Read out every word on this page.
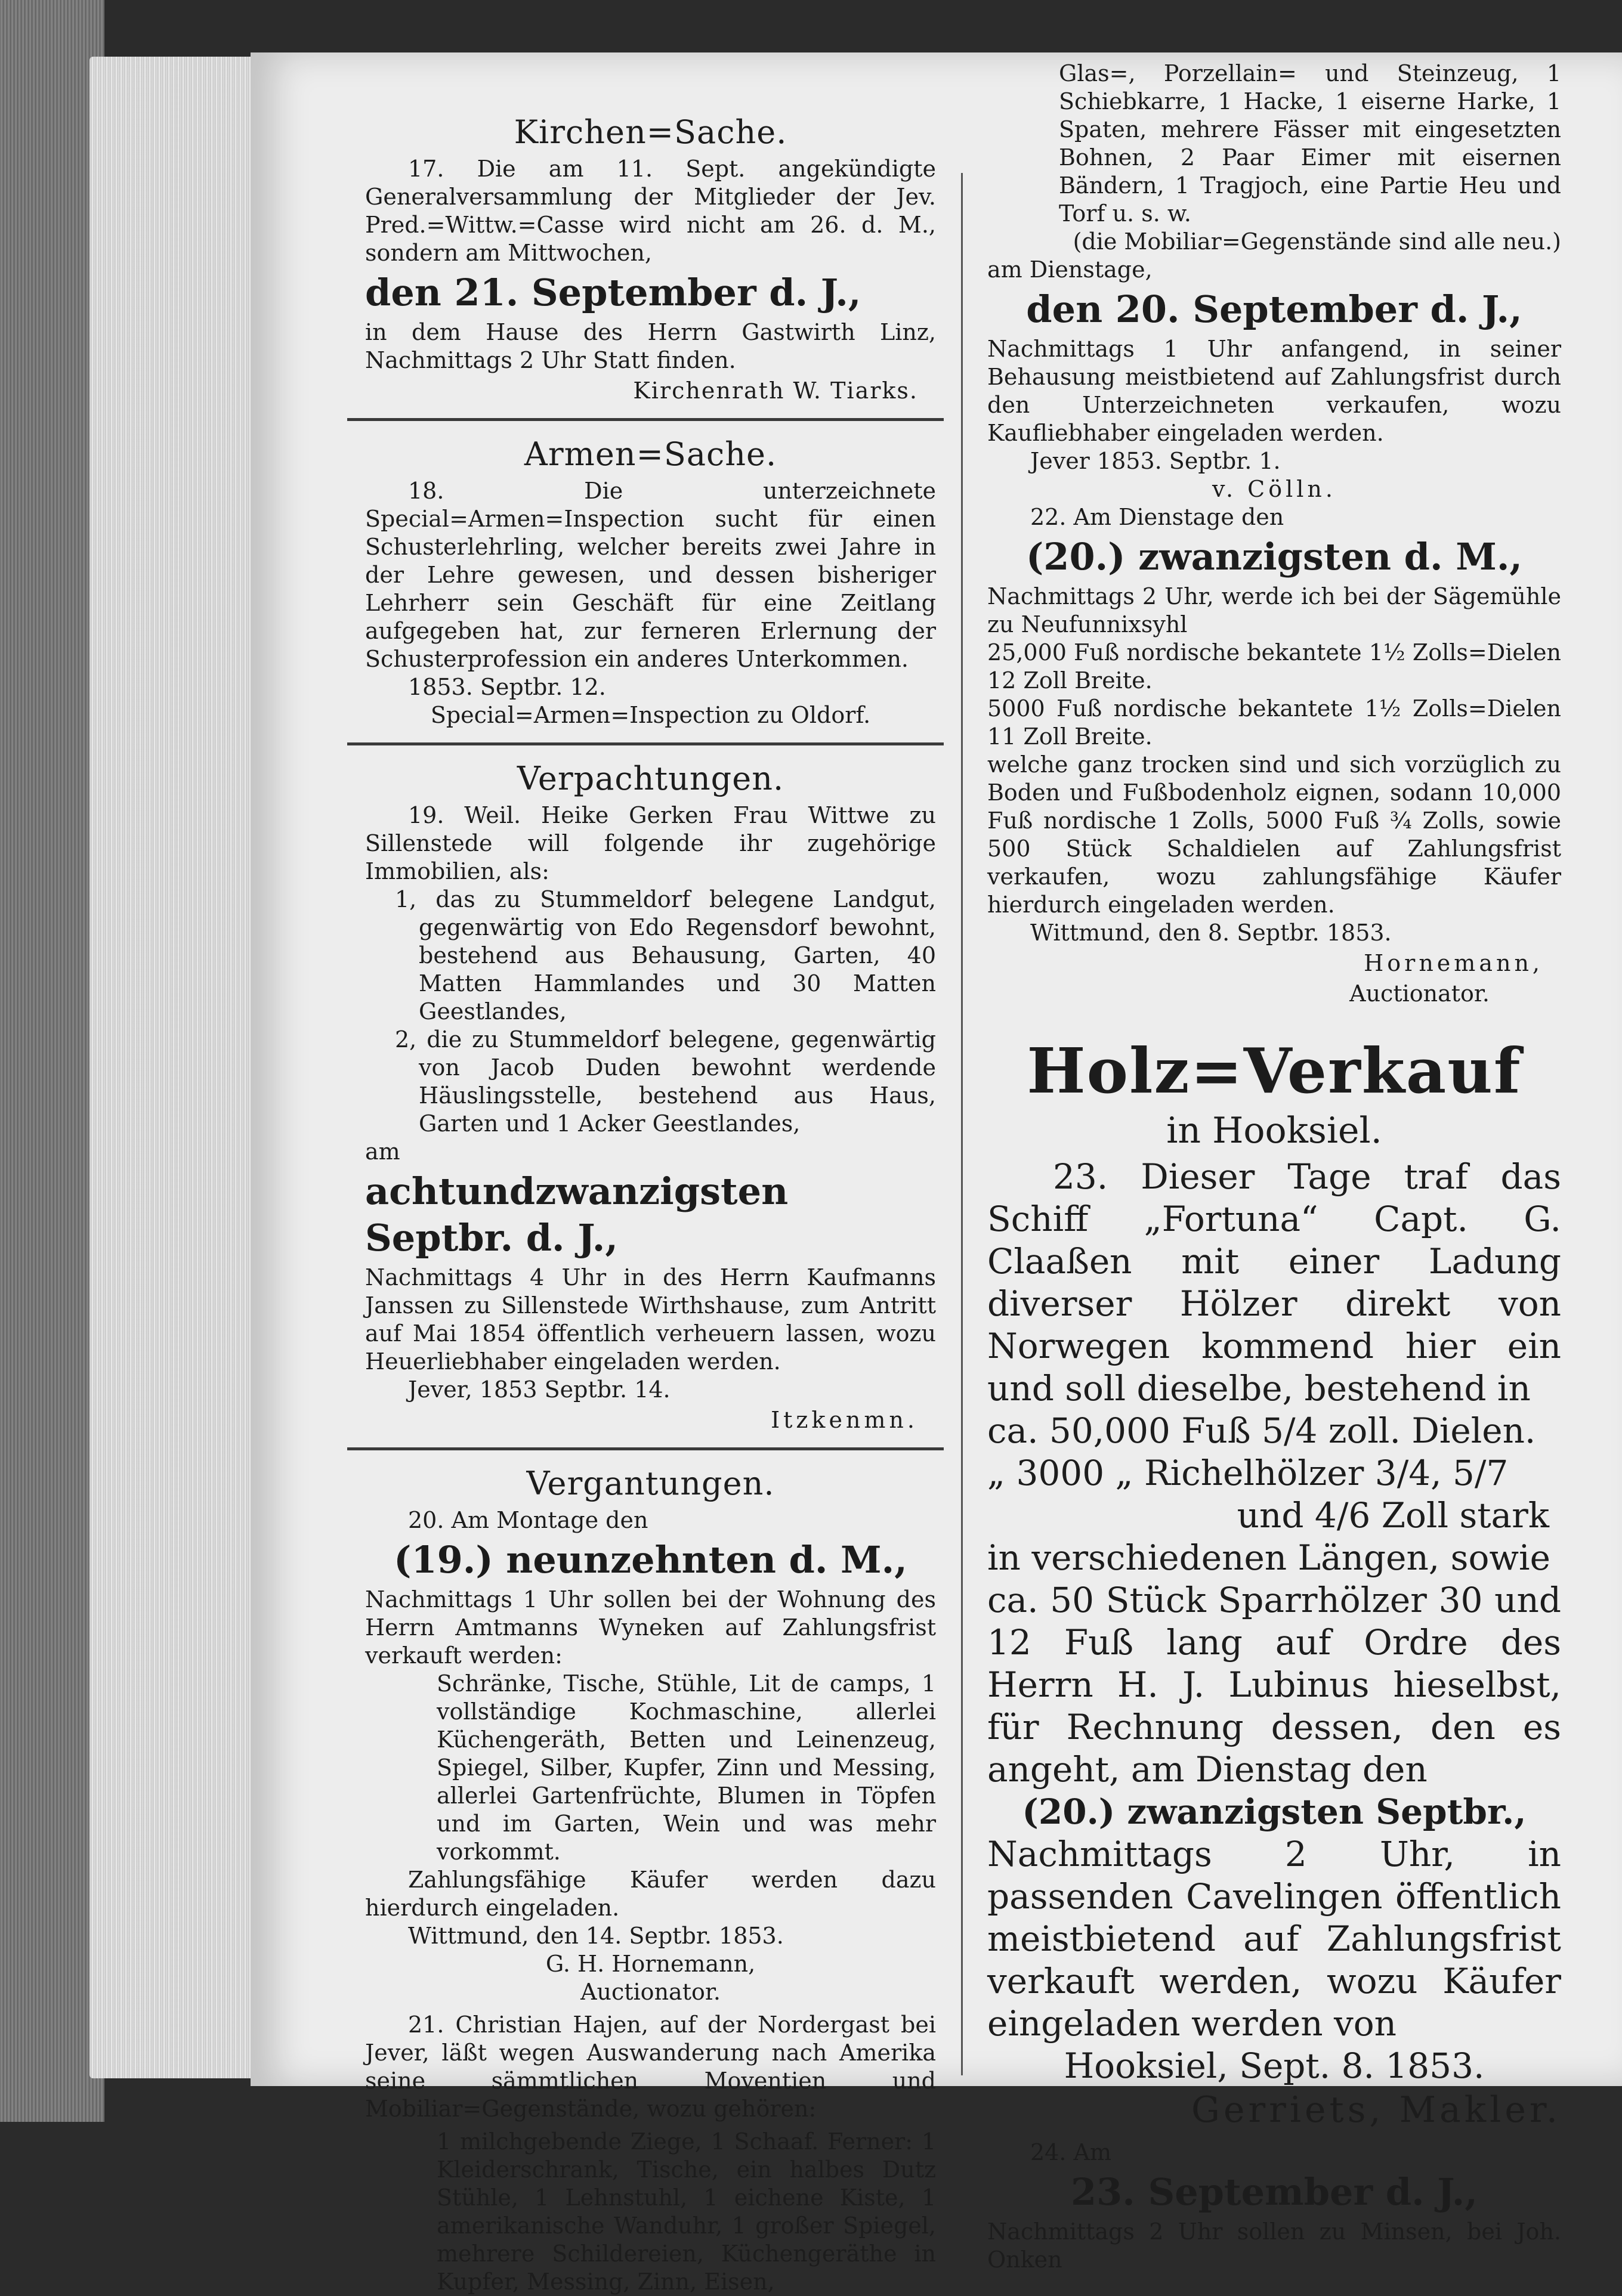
Kirchen=Sache.

17. Die am 11. Sept. angekündigte Generalversammlung der Mitglieder der Jev. Pred.=Wittw.=Casse wird nicht am 26. d. M., sondern am Mittwochen,

den 21. September d. J.,

in dem Hause des Herrn Gastwirth Linz, Nachmittags 2 Uhr Statt finden.

Kirchenrath W. Tiarks.

Armen=Sache.

18. Die unterzeichnete Special=Armen=Inspection sucht für einen Schusterlehrling, welcher bereits zwei Jahre in der Lehre gewesen, und dessen bisheriger Lehrherr sein Geschäft für eine Zeitlang aufgegeben hat, zur ferneren Erlernung der Schusterprofession ein anderes Unterkommen.

1853. Septbr. 12.

Special=Armen=Inspection zu Oldorf.

Verpachtungen.

19. Weil. Heike Gerken Frau Wittwe zu Sillenstede will folgende ihr zugehörige Immobilien, als:

1, das zu Stummeldorf belegene Landgut, gegenwärtig von Edo Regensdorf bewohnt, bestehend aus Behausung, Garten, 40 Matten Hammlandes und 30 Matten Geestlandes,

2, die zu Stummeldorf belegene, gegenwärtig von Jacob Duden bewohnt werdende Häuslingsstelle, bestehend aus Haus, Garten und 1 Acker Geestlandes,

am

achtundzwanzigsten Septbr. d. J.,

Nachmittags 4 Uhr in des Herrn Kaufmanns Janssen zu Sillenstede Wirthshause, zum Antritt auf Mai 1854 öffentlich verheuern lassen, wozu Heuerliebhaber eingeladen werden.

Jever, 1853 Septbr. 14.

Itzkenmn.

Vergantungen.

20. Am Montage den

(19.) neunzehnten d. M.,

Nachmittags 1 Uhr sollen bei der Wohnung des Herrn Amtmanns Wyneken auf Zahlungsfrist verkauft werden:

Schränke, Tische, Stühle, Lit de camps, 1 vollständige Kochmaschine, allerlei Küchengeräth, Betten und Leinenzeug, Spiegel, Silber, Kupfer, Zinn und Messing, allerlei Gartenfrüchte, Blumen in Töpfen und im Garten, Wein und was mehr vorkommt.

Zahlungsfähige Käufer werden dazu hierdurch eingeladen.

Wittmund, den 14. Septbr. 1853.

G. H. Hornemann,

Auctionator.

21. Christian Hajen, auf der Nordergast bei Jever, läßt wegen Auswanderung nach Amerika seine sämmtlichen Moventien und Mobiliar=Gegenstände, wozu gehören:

1 milchgebende Ziege, 1 Schaaf. Ferner: 1 Kleiderschrank, Tische, ein halbes Dutz Stühle, 1 Lehnstuhl, 1 eichene Kiste, 1 amerikanische Wanduhr, 1 großer Spiegel, mehrere Schildereien, Küchengeräthe in Kupfer, Messing, Zinn, Eisen,

Glas=, Porzellain= und Steinzeug, 1 Schiebkarre, 1 Hacke, 1 eiserne Harke, 1 Spaten, mehrere Fässer mit eingesetzten Bohnen, 2 Paar Eimer mit eisernen Bändern, 1 Tragjoch, eine Partie Heu und Torf u. s. w.

(die Mobiliar=Gegenstände sind alle neu.)

am Dienstage,

den 20. September d. J.,

Nachmittags 1 Uhr anfangend, in seiner Behausung meistbietend auf Zahlungsfrist durch den Unterzeichneten verkaufen, wozu Kaufliebhaber eingeladen werden.

Jever 1853. Septbr. 1.

v. Cölln.

22. Am Dienstage den

(20.) zwanzigsten d. M.,

Nachmittags 2 Uhr, werde ich bei der Sägemühle zu Neufunnixsyhl

25,000 Fuß nordische bekantete 1½ Zolls=Dielen 12 Zoll Breite.

5000 Fuß nordische bekantete 1½ Zolls=Dielen 11 Zoll Breite.

welche ganz trocken sind und sich vorzüglich zu Boden und Fußbodenholz eignen, sodann 10,000 Fuß nordische 1 Zolls, 5000 Fuß ¾ Zolls, sowie 500 Stück Schaldielen auf Zahlungsfrist verkaufen, wozu zahlungsfähige Käufer hierdurch eingeladen werden.

Wittmund, den 8. Septbr. 1853.

Hornemann,

Auctionator.

Holz=Verkauf
in Hooksiel.

23. Dieser Tage traf das Schiff „Fortuna“ Capt. G. Claaßen mit einer Ladung diverser Hölzer direkt von Norwegen kommend hier ein und soll dieselbe, bestehend in

ca. 50,000 Fuß 5/4 zoll. Dielen.

„ 3000 „ Richelhölzer 3/4, 5/7

und 4/6 Zoll stark

in verschiedenen Längen, sowie

ca. 50 Stück Sparrhölzer 30 und 12 Fuß lang auf Ordre des Herrn H. J. Lubinus hieselbst, für Rechnung dessen, den es angeht, am Dienstag den

(20.) zwanzigsten Septbr.,

Nachmittags 2 Uhr, in passenden Cavelingen öffentlich meistbietend auf Zahlungsfrist verkauft werden, wozu Käufer eingeladen werden von

Hooksiel, Sept. 8. 1853.

Gerriets, Makler.

24. Am

23. September d. J.,

Nachmittags 2 Uhr sollen zu Minsen, bei Joh. Onken
